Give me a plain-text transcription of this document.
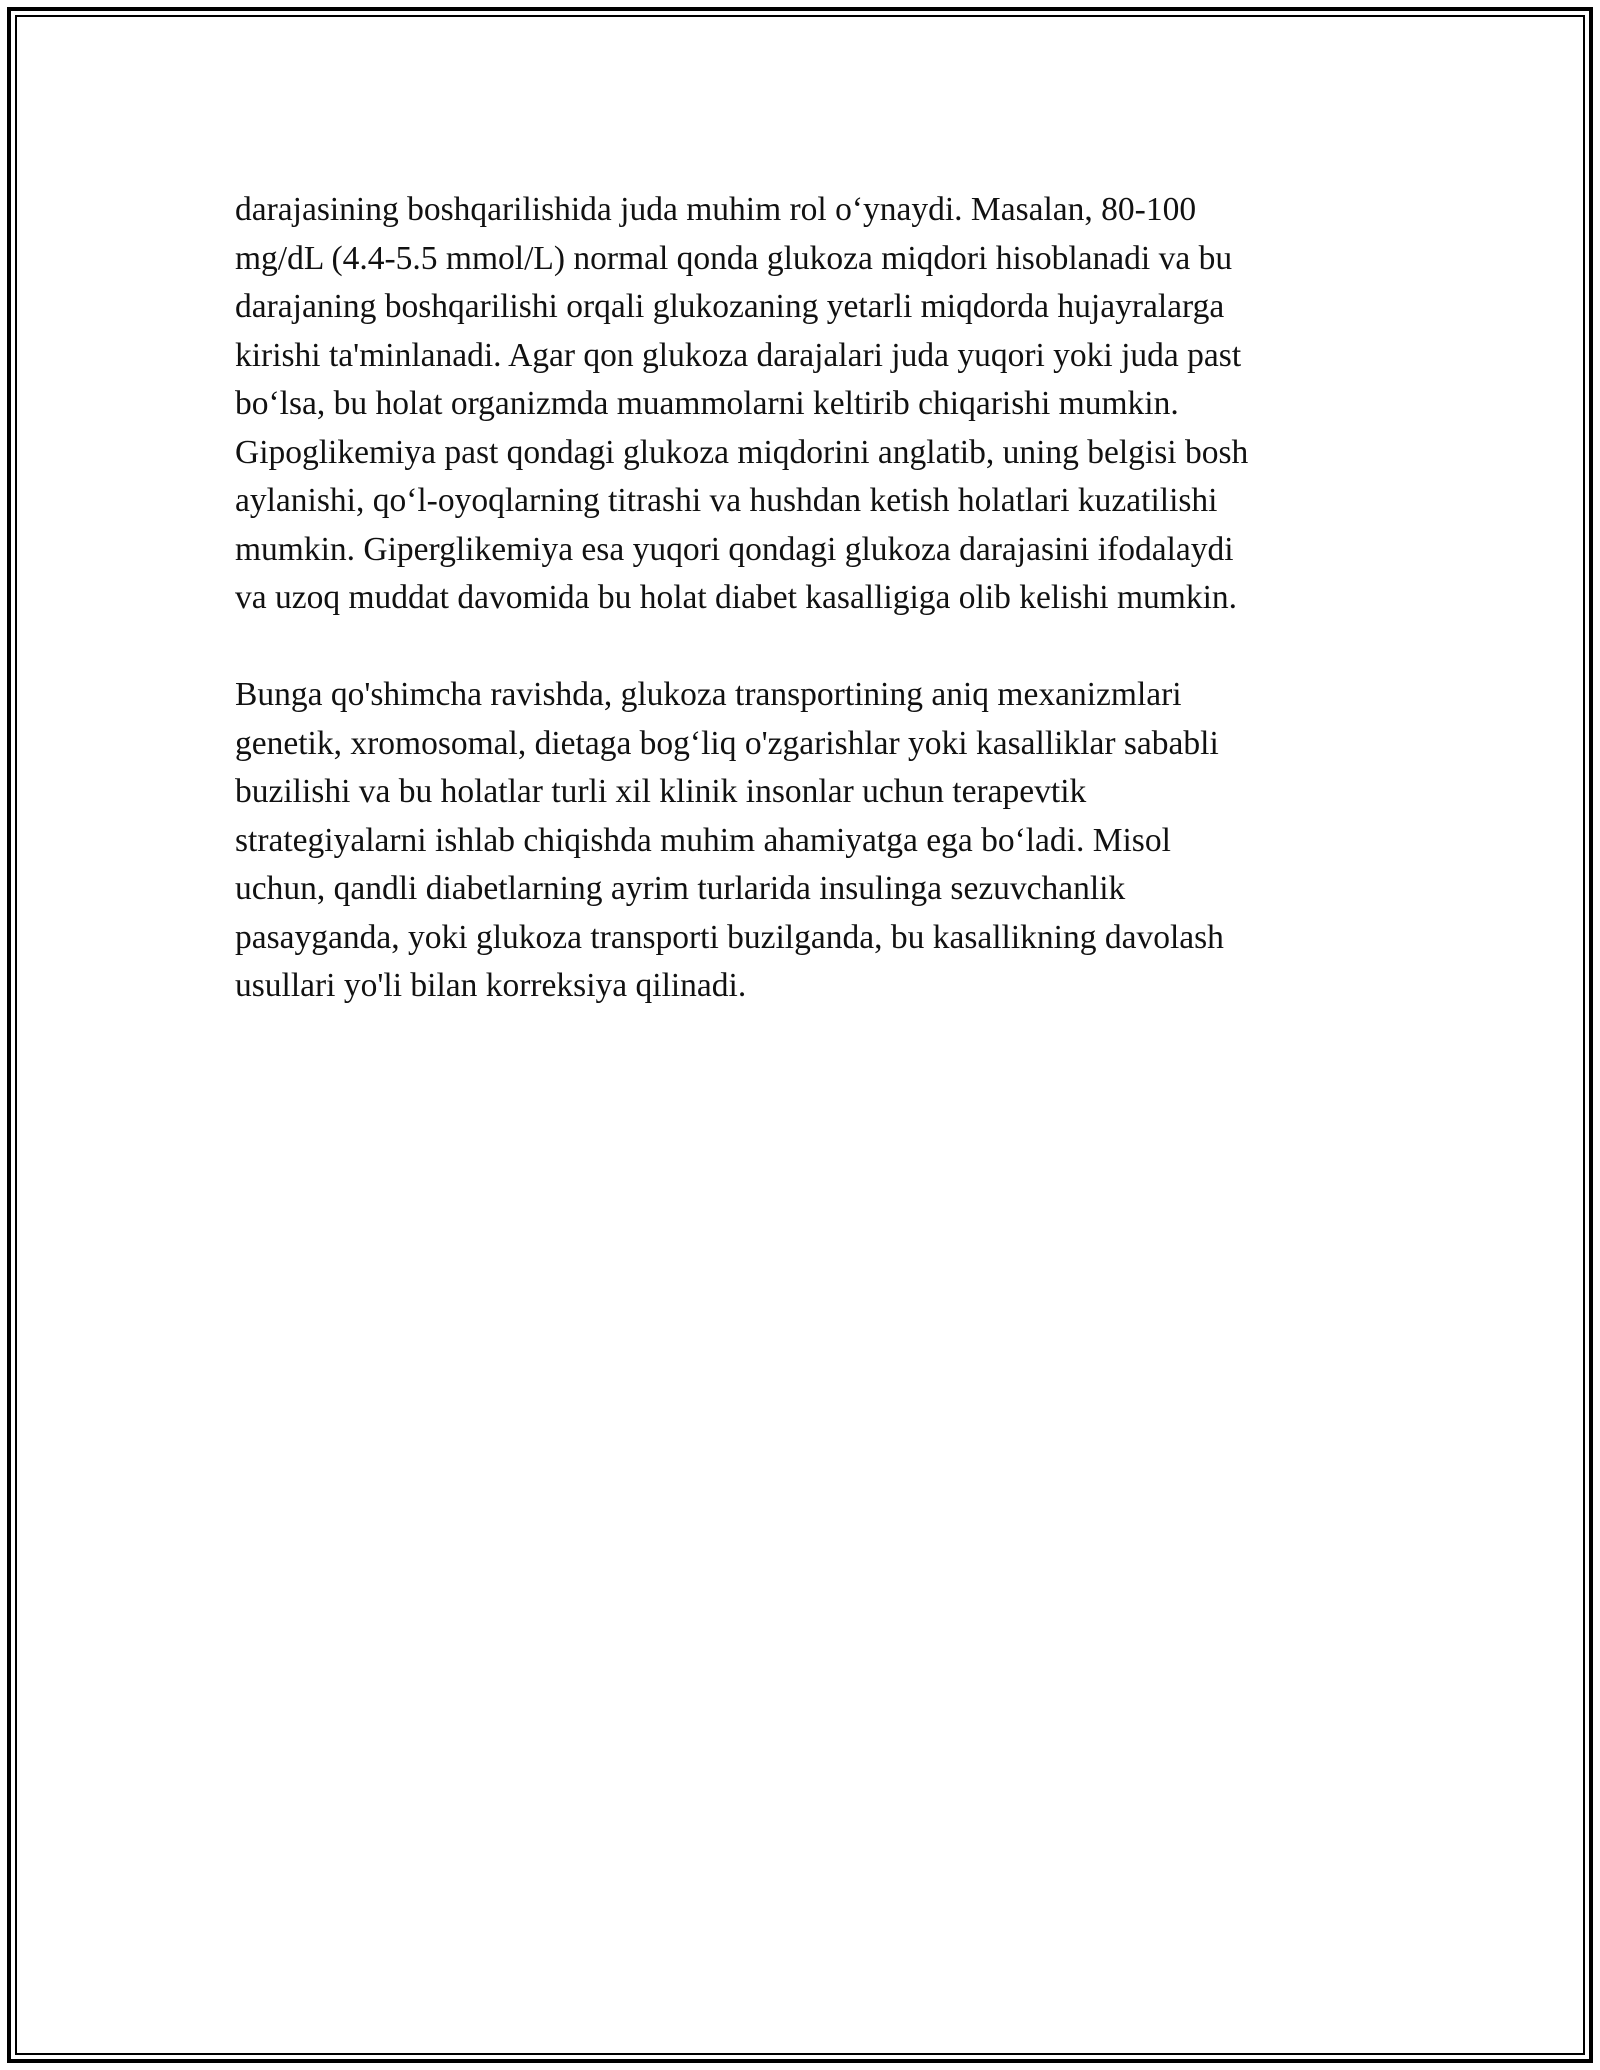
darajasining boshqarilishida juda muhim rol o‘ynaydi. Masalan, 80-100
mg/dL (4.4-5.5 mmol/L) normal qonda glukoza miqdori hisoblanadi va bu
darajaning boshqarilishi orqali glukozaning yetarli miqdorda hujayralarga
kirishi ta'minlanadi. Agar qon glukoza darajalari juda yuqori yoki juda past
bo‘lsa, bu holat organizmda muammolarni keltirib chiqarishi mumkin.
Gipoglikemiya past qondagi glukoza miqdorini anglatib, uning belgisi bosh
aylanishi, qo‘l-oyoqlarning titrashi va hushdan ketish holatlari kuzatilishi
mumkin. Giperglikemiya esa yuqori qondagi glukoza darajasini ifodalaydi
va uzoq muddat davomida bu holat diabet kasalligiga olib kelishi mumkin.

Bunga qo'shimcha ravishda, glukoza transportining aniq mexanizmlari
genetik, xromosomal, dietaga bog‘liq o'zgarishlar yoki kasalliklar sababli
buzilishi va bu holatlar turli xil klinik insonlar uchun terapevtik
strategiyalarni ishlab chiqishda muhim ahamiyatga ega bo‘ladi. Misol
uchun, qandli diabetlarning ayrim turlarida insulinga sezuvchanlik
pasayganda, yoki glukoza transporti buzilganda, bu kasallikning davolash
usullari yo'li bilan korreksiya qilinadi.
